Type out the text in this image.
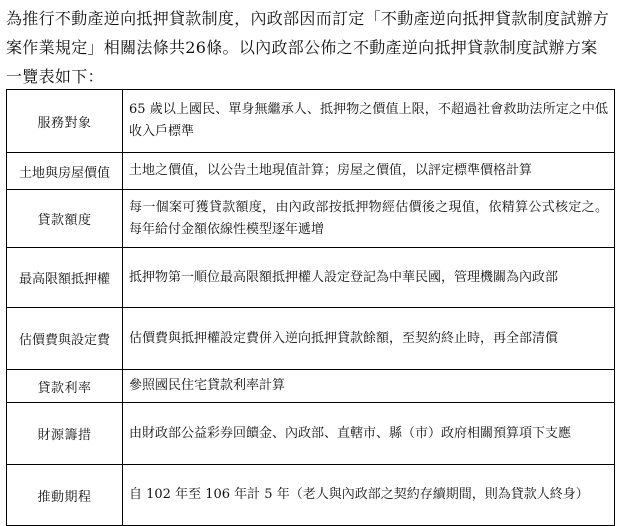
為推行不動產逆向抵押貸款制度，內政部因而訂定「不動產逆向抵押貸款制度試辦方案作業規定」相關法條共26條。以內政部公佈之不動產逆向抵押貸款制度試辦方案一覽表如下：
服務對象	65 歲以上國民、單身無繼承人、抵押物之價值上限，不超過社會救助法所定之中低收入戶標準
土地與房屋價值	土地之價值，以公告土地現值計算；房屋之價值，以評定標準價格計算
貸款額度	每一個案可獲貸款額度，由內政部按抵押物經估價後之現值，依精算公式核定之。每年給付金額依線性模型逐年遞增
最高限額抵押權	抵押物第一順位最高限額抵押權人設定登記為中華民國，管理機關為內政部
估價費與設定費	估價費與抵押權設定費併入逆向抵押貸款餘額，至契約終止時，再全部清償
貸款利率	參照國民住宅貸款利率計算
財源籌措	由財政部公益彩券回饋金、內政部、直轄市、縣（市）政府相關預算項下支應
推動期程	自 102 年至 106 年計 5 年（老人與內政部之契約存續期間，則為貸款人終身）
